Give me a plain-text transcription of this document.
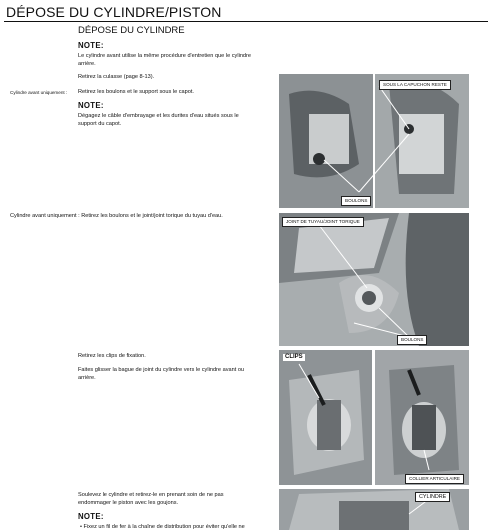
DÉPOSE DU CYLINDRE/PISTON
DÉPOSE DU CYLINDRE
NOTE:
Le cylindre avant utilise la même procédure d'entretien que le cylindre
arrière.
Retirez la culasse (page 8-13).
Cylindre avant uniquement : Retirez les boulons et le support sous le capot.
NOTE:
Dégagez le câble d'embrayage et les durites d'eau situés sous le
support du capot.
SOUS LA CAPUCHON RESTE
BOULONS
Cylindre avant uniquement : Retirez les boulons et le joint/joint torique du tuyau d'eau.
JOINT DE TUYAU/JOINT TORIQUE
BOULONS
Retirez les clips de fixation.
Faites glisser la bague de joint du cylindre vers le cylindre avant ou
arrière.
CLIPS
COLLIER ARTICULAIRE
Soulevez le cylindre et retirez-le en prenant soin de ne pas
endommager le piston avec les goujons.
NOTE:
• Fixez un fil de fer à la chaîne de distribution pour éviter qu'elle ne
CYLINDRE
